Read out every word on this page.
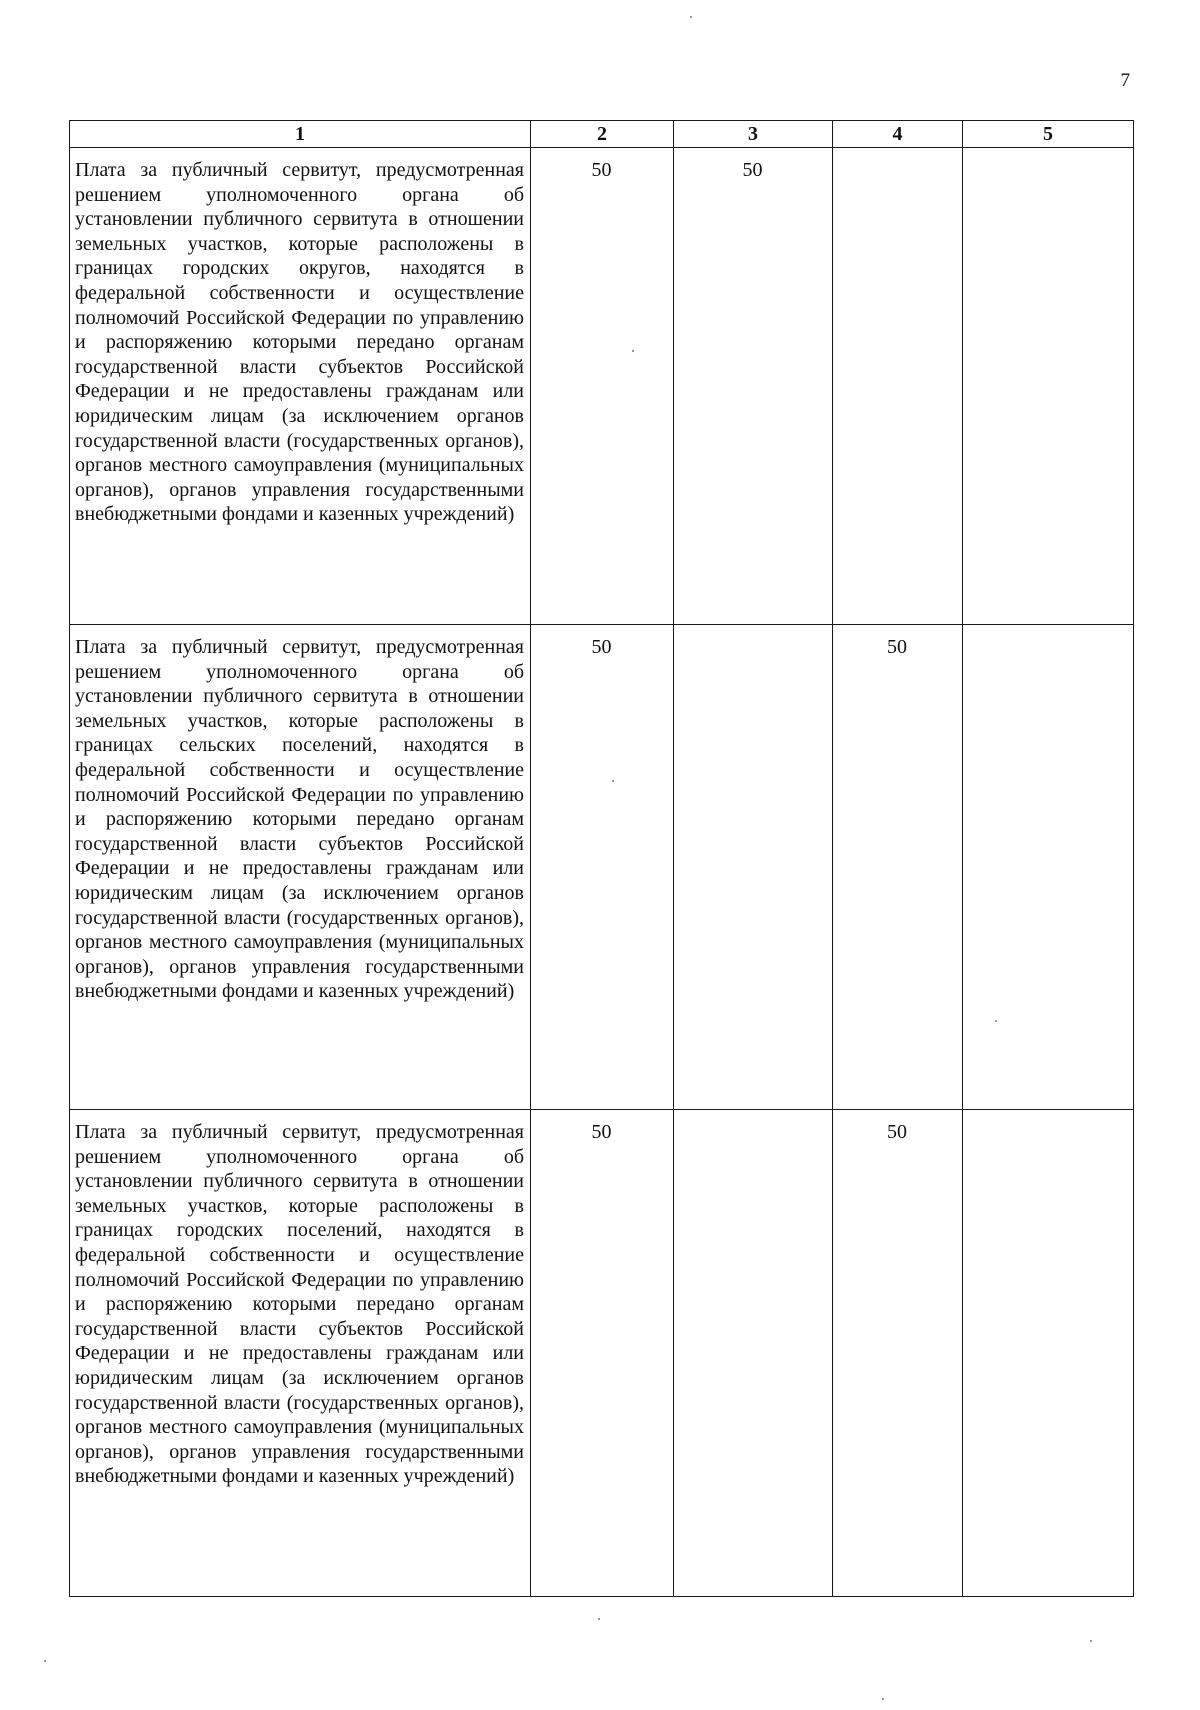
7
1	2	3	4	5
Плата за публичный сервитут, предусмотренная решением уполномоченного органа об установлении публичного сервитута в отношении земельных участков, которые расположены в границах городских округов, находятся в федеральной собственности и осуществление полномочий Российской Федерации по управлению и распоряжению которыми передано органам государственной власти субъектов Российской Федерации и не предоставлены гражданам или юридическим лицам (за исключением органов государственной власти (государственных органов), органов местного самоуправления (муниципальных органов), органов управления государственными внебюджетными фондами и казенных учреждений)	50	50		
Плата за публичный сервитут, предусмотренная решением уполномоченного органа об установлении публичного сервитута в отношении земельных участков, которые расположены в границах сельских поселений, находятся в федеральной собственности и осуществление полномочий Российской Федерации по управлению и распоряжению которыми передано органам государственной власти субъектов Российской Федерации и не предоставлены гражданам или юридическим лицам (за исключением органов государственной власти (государственных органов), органов местного самоуправления (муниципальных органов), органов управления государственными внебюджетными фондами и казенных учреждений)	50		50	
Плата за публичный сервитут, предусмотренная решением уполномоченного органа об установлении публичного сервитута в отношении земельных участков, которые расположены в границах городских поселений, находятся в федеральной собственности и осуществление полномочий Российской Федерации по управлению и распоряжению которыми передано органам государственной власти субъектов Российской Федерации и не предоставлены гражданам или юридическим лицам (за исключением органов государственной власти (государственных органов), органов местного самоуправления (муниципальных органов), органов управления государственными внебюджетными фондами и казенных учреждений)	50		50	
